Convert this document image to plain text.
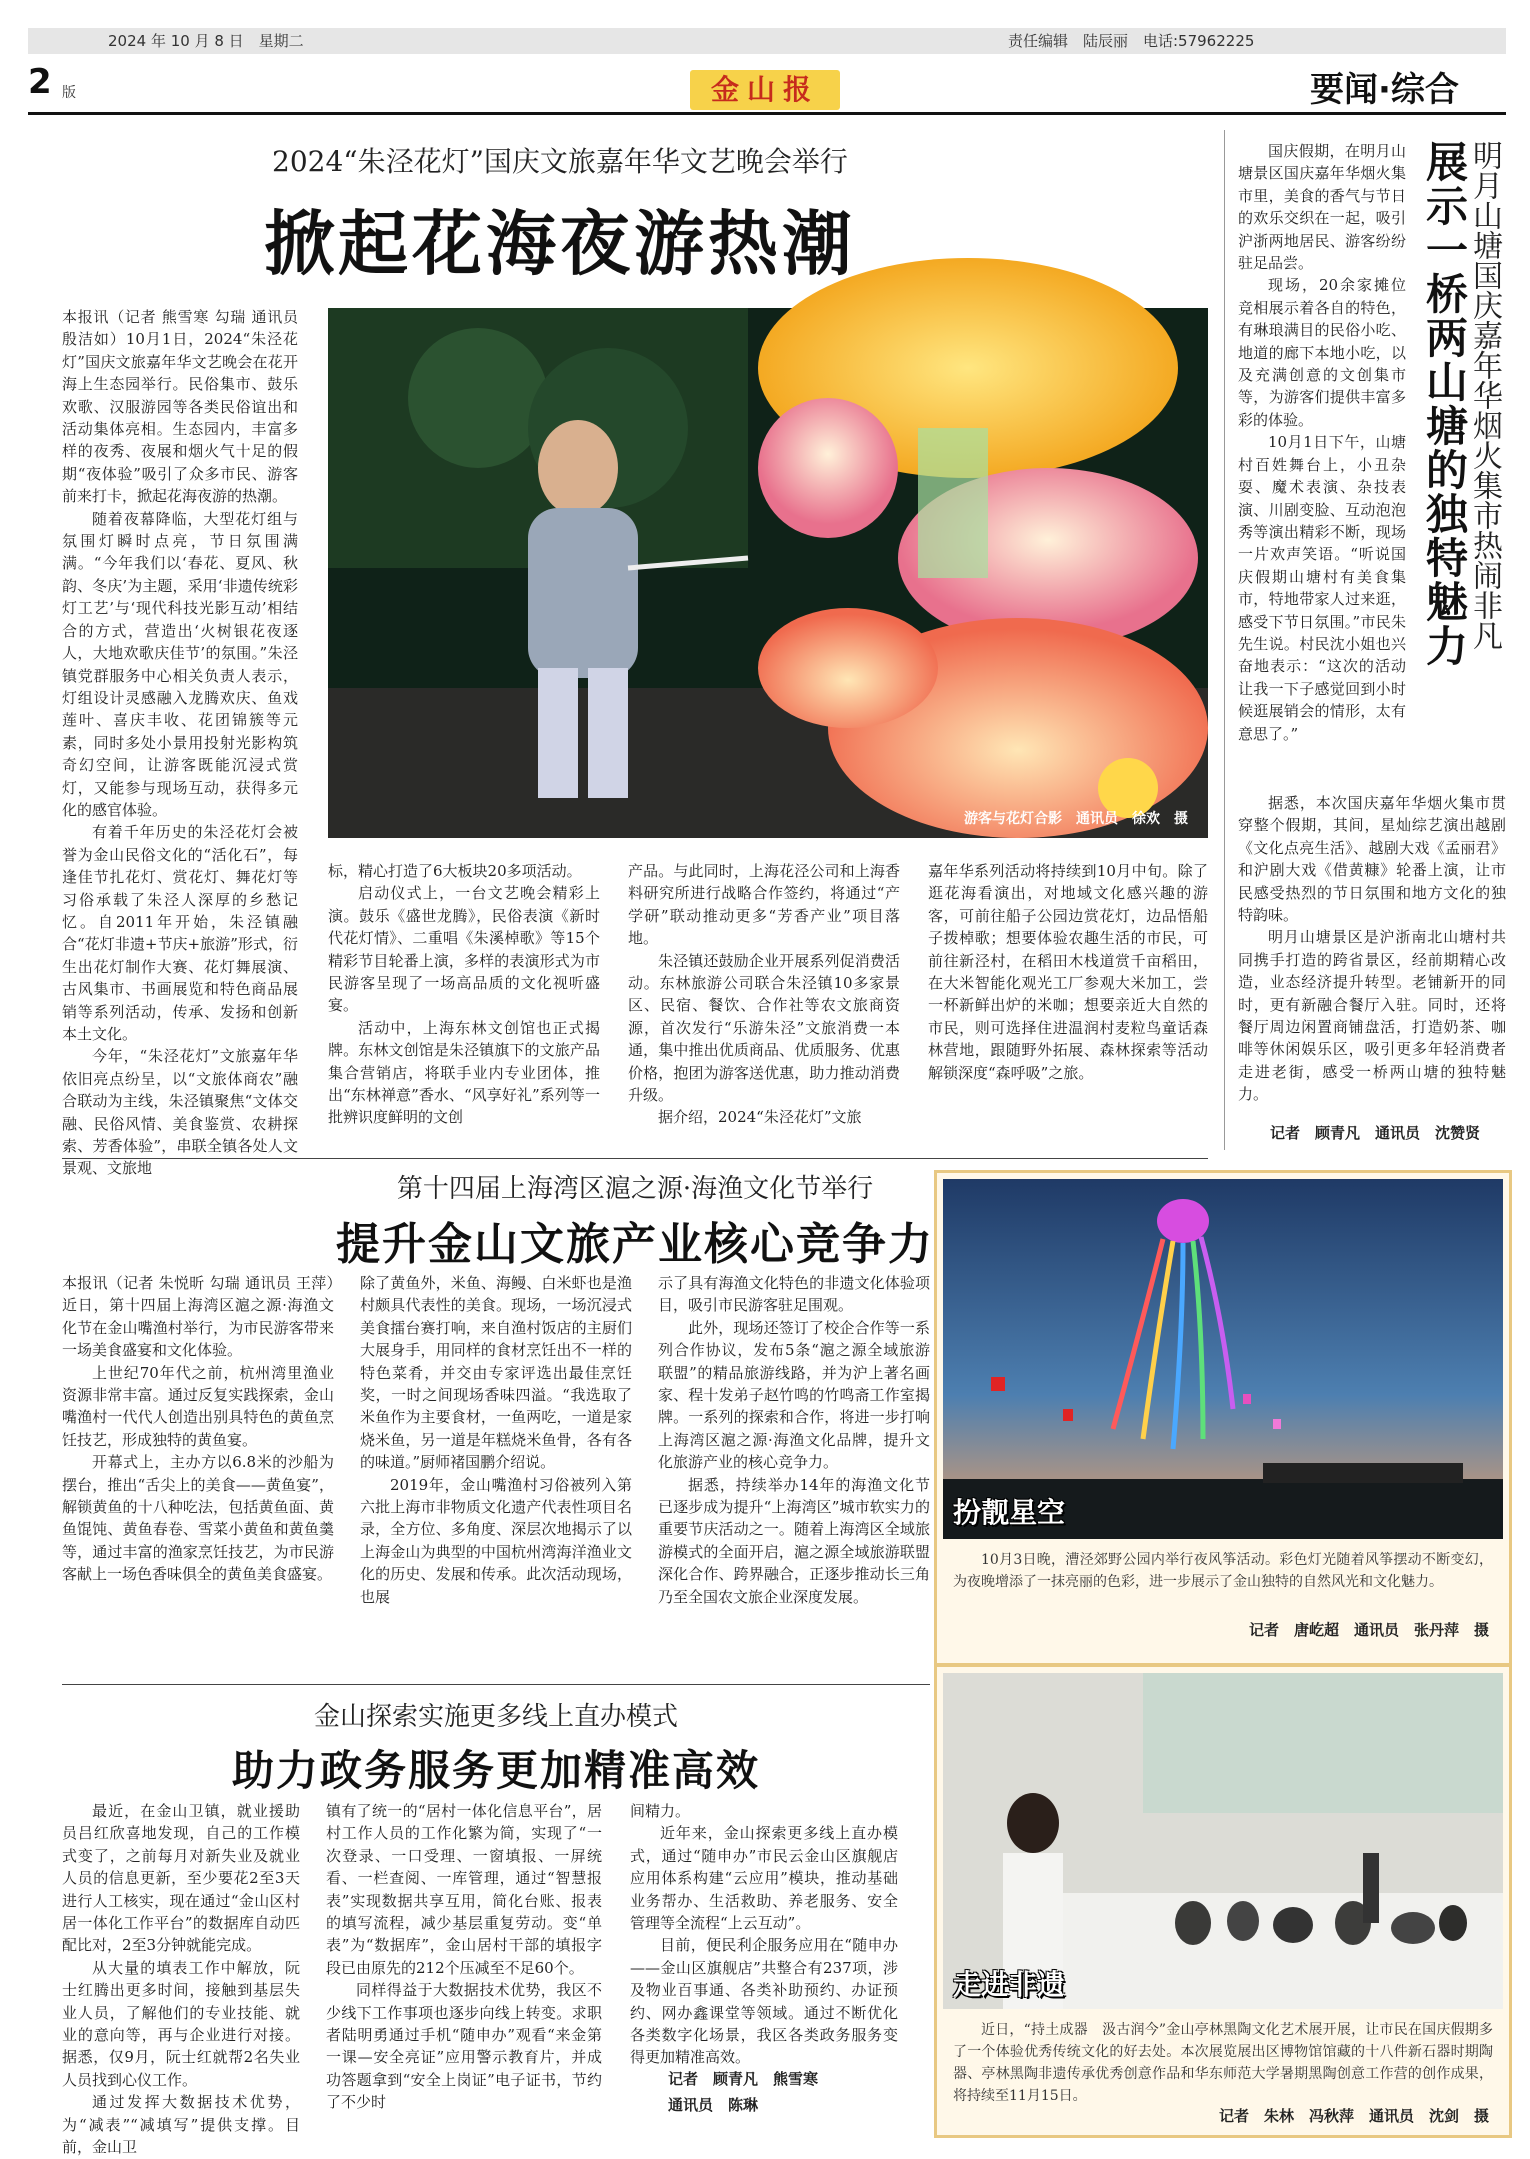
2024 年 10 月 8 日　星期二	责任编辑　陆辰丽　电话:57962225
2 版	金山报	要闻·综合
2024“朱泾花灯”国庆文旅嘉年华文艺晚会举行
掀起花海夜游热潮

本报讯（记者 熊雪寒 勾瑞 通讯员 殷洁如）10月1日，2024“朱泾花灯”国庆文旅嘉年华文艺晚会在花开海上生态园举行。民俗集市、鼓乐欢歌、汉服游园等各类民俗谊出和活动集体亮相。生态园内，丰富多样的夜秀、夜展和烟火气十足的假期“夜体验”吸引了众多市民、游客前来打卡，掀起花海夜游的热潮。

随着夜幕降临，大型花灯组与氛围灯瞬时点亮，节日氛围满满。“今年我们以‘春花、夏风、秋韵、冬庆’为主题，采用‘非遗传统彩灯工艺’与‘现代科技光影互动’相结合的方式，营造出‘火树银花夜逐人，大地欢歌庆佳节’的氛围。”朱泾镇党群服务中心相关负责人表示，灯组设计灵感融入龙腾欢庆、鱼戏莲叶、喜庆丰收、花团锦簇等元素，同时多处小景用投射光影构筑奇幻空间，让游客既能沉浸式赏灯，又能参与现场互动，获得多元化的感官体验。

有着千年历史的朱泾花灯会被誉为金山民俗文化的“活化石”，每逢佳节扎花灯、赏花灯、舞花灯等习俗承载了朱泾人深厚的乡愁记忆。自2011年开始，朱泾镇融合“花灯非遗+节庆+旅游”形式，衍生出花灯制作大赛、花灯舞展演、古风集市、书画展览和特色商品展销等系列活动，传承、发扬和创新本土文化。

今年，“朱泾花灯”文旅嘉年华依旧亮点纷呈，以“文旅体商农”融合联动为主线，朱泾镇聚焦“文体交融、民俗风情、美食鉴赏、农耕探索、芳香体验”，串联全镇各处人文景观、文旅地

游客与花灯合影　通讯员　徐欢　摄

标，精心打造了6大板块20多项活动。

启动仪式上，一台文艺晚会精彩上演。鼓乐《盛世龙腾》，民俗表演《新时代花灯情》、二重唱《朱溪棹歌》等15个精彩节目轮番上演，多样的表演形式为市民游客呈现了一场高品质的文化视听盛宴。

活动中，上海东林文创馆也正式揭牌。东林文创馆是朱泾镇旗下的文旅产品集合营销店，将联手业内专业团体，推出“东林禅意”香水、“风享好礼”系列等一批辨识度鲜明的文创

产品。与此同时，上海花泾公司和上海香料研究所进行战略合作签约，将通过“产学研”联动推动更多“芳香产业”项目落地。

朱泾镇还鼓励企业开展系列促消费活动。东林旅游公司联合朱泾镇10多家景区、民宿、餐饮、合作社等农文旅商资源，首次发行“乐游朱泾”文旅消费一本通，集中推出优质商品、优质服务、优惠价格，抱团为游客送优惠，助力推动消费升级。

据介绍，2024“朱泾花灯”文旅

嘉年华系列活动将持续到10月中旬。除了逛花海看演出，对地域文化感兴趣的游客，可前往船子公园边赏花灯，边品悟船子拨棹歌；想要体验农趣生活的市民，可前往新泾村，在稻田木栈道赏千亩稻田，在大米智能化观光工厂参观大米加工，尝一杯新鲜出炉的米咖；想要亲近大自然的市民，则可选择住进温润村麦粒鸟童话森林营地，跟随野外拓展、森林探索等活动解锁深度“森呼吸”之旅。

明月山塘国庆嘉年华烟火集市热闹非凡
展示一桥两山塘的独特魅力

国庆假期，在明月山塘景区国庆嘉年华烟火集市里，美食的香气与节日的欢乐交织在一起，吸引沪浙两地居民、游客纷纷驻足品尝。

现场，20余家摊位竞相展示着各自的特色，有琳琅满目的民俗小吃、地道的廊下本地小吃，以及充满创意的文创集市等，为游客们提供丰富多彩的体验。

10月1日下午，山塘村百姓舞台上，小丑杂耍、魔术表演、杂技表演、川剧变脸、互动泡泡秀等演出精彩不断，现场一片欢声笑语。“听说国庆假期山塘村有美食集市，特地带家人过来逛，感受下节日氛围。”市民朱先生说。村民沈小姐也兴奋地表示：“这次的活动让我一下子感觉回到小时候逛展销会的情形，太有意思了。”

据悉，本次国庆嘉年华烟火集市贯穿整个假期，其间，星灿综艺演出越剧《文化点亮生活》、越剧大戏《孟丽君》和沪剧大戏《借黄糠》轮番上演，让市民感受热烈的节日氛围和地方文化的独特韵味。

明月山塘景区是沪浙南北山塘村共同携手打造的跨省景区，经前期精心改造，业态经济提升转型。老铺新开的同时，更有新融合餐厅入驻。同时，还将餐厅周边闲置商铺盘活，打造奶茶、咖啡等休闲娱乐区，吸引更多年轻消费者走进老街，感受一桥两山塘的独特魅力。

记者　顾青凡　通讯员　沈赞贤
第十四届上海湾区滬之源·海渔文化节举行
提升金山文旅产业核心竞争力

本报讯（记者 朱悦昕 勾瑞 通讯员 王萍）近日，第十四届上海湾区滬之源·海渔文化节在金山嘴渔村举行，为市民游客带来一场美食盛宴和文化体验。

上世纪70年代之前，杭州湾里渔业资源非常丰富。通过反复实践探索，金山嘴渔村一代代人创造出别具特色的黄鱼烹饪技艺，形成独特的黄鱼宴。

开幕式上，主办方以6.8米的沙船为摆台，推出“舌尖上的美食——黄鱼宴”，解锁黄鱼的十八种吃法，包括黄鱼面、黄鱼馄饨、黄鱼春卷、雪菜小黄鱼和黄鱼羹等，通过丰富的渔家烹饪技艺，为市民游客献上一场色香味俱全的黄鱼美食盛宴。

除了黄鱼外，米鱼、海鳗、白米虾也是渔村颇具代表性的美食。现场，一场沉浸式美食擂台赛打响，来自渔村饭店的主厨们大展身手，用同样的食材烹饪出不一样的特色菜肴，并交由专家评选出最佳烹饪奖，一时之间现场香味四溢。“我选取了米鱼作为主要食材，一鱼两吃，一道是家烧米鱼，另一道是年糕烧米鱼骨，各有各的味道。”厨师褚国鹏介绍说。

2019年，金山嘴渔村习俗被列入第六批上海市非物质文化遗产代表性项目名录，全方位、多角度、深层次地揭示了以上海金山为典型的中国杭州湾海洋渔业文化的历史、发展和传承。此次活动现场，也展

示了具有海渔文化特色的非遗文化体验项目，吸引市民游客驻足围观。

此外，现场还签订了校企合作等一系列合作协议，发布5条“滬之源全域旅游联盟”的精品旅游线路，并为沪上著名画家、程十发弟子赵竹鸣的竹鸣斋工作室揭牌。一系列的探索和合作，将进一步打响上海湾区滬之源·海渔文化品牌，提升文化旅游产业的核心竞争力。

据悉，持续举办14年的海渔文化节已逐步成为提升“上海湾区”城市软实力的重要节庆活动之一。随着上海湾区全域旅游模式的全面开启，滬之源全域旅游联盟深化合作、跨界融合，正逐步推动长三角乃至全国农文旅企业深度发展。

金山探索实施更多线上直办模式
助力政务服务更加精准高效

最近，在金山卫镇，就业援助员吕红欣喜地发现，自己的工作模式变了，之前每月对新失业及就业人员的信息更新，至少要花2至3天进行人工核实，现在通过“金山区村居一体化工作平台”的数据库自动匹配比对，2至3分钟就能完成。

从大量的填表工作中解放，阮士红腾出更多时间，接触到基层失业人员，了解他们的专业技能、就业的意向等，再与企业进行对接。据悉，仅9月，阮士红就帮2名失业人员找到心仪工作。

通过发挥大数据技术优势，为“减表”“减填写”提供支撑。目前，金山卫

镇有了统一的“居村一体化信息平台”，居村工作人员的工作化繁为简，实现了“一次登录、一口受理、一窗填报、一屏统看、一栏查阅、一库管理，通过“智慧报表”实现数据共享互用，简化台账、报表的填写流程，减少基层重复劳动。变“单表”为“数据库”，金山居村干部的填报字段已由原先的212个压减至不足60个。

同样得益于大数据技术优势，我区不少线下工作事项也逐步向线上转变。求职者陆明勇通过手机“随申办”观看“来金第一课—安全亮证”应用警示教育片，并成功答题拿到“安全上岗证”电子证书，节约了不少时

间精力。

近年来，金山探索更多线上直办模式，通过“随申办”市民云金山区旗舰店应用体系构建“云应用”模块，推动基础业务帮办、生活救助、养老服务、安全管理等全流程“上云互动”。

目前，便民利企服务应用在“随申办——金山区旗舰店”共整合有237项，涉及物业百事通、各类补助预约、办证预约、网办鑫课堂等领域。通过不断优化各类数字化场景，我区各类政务服务变得更加精准高效。

记者　顾青凡　熊雪寒
通讯员　陈琳
扮靓星空

10月3日晚，漕泾郊野公园内举行夜风筝活动。彩色灯光随着风筝摆动不断变幻，为夜晚增添了一抹亮丽的色彩，进一步展示了金山独特的自然风光和文化魅力。

记者　唐屹超　通讯员　张丹萍　摄
走进非遗

近日，“持土成器　汲古润今”金山亭林黑陶文化艺术展开展，让市民在国庆假期多了一个体验优秀传统文化的好去处。本次展览展出区博物馆馆藏的十八件新石器时期陶器、亭林黑陶非遗传承优秀创意作品和华东师范大学暑期黑陶创意工作营的创作成果，将持续至11月15日。

记者　朱林　冯秋萍　通讯员　沈剑　摄
